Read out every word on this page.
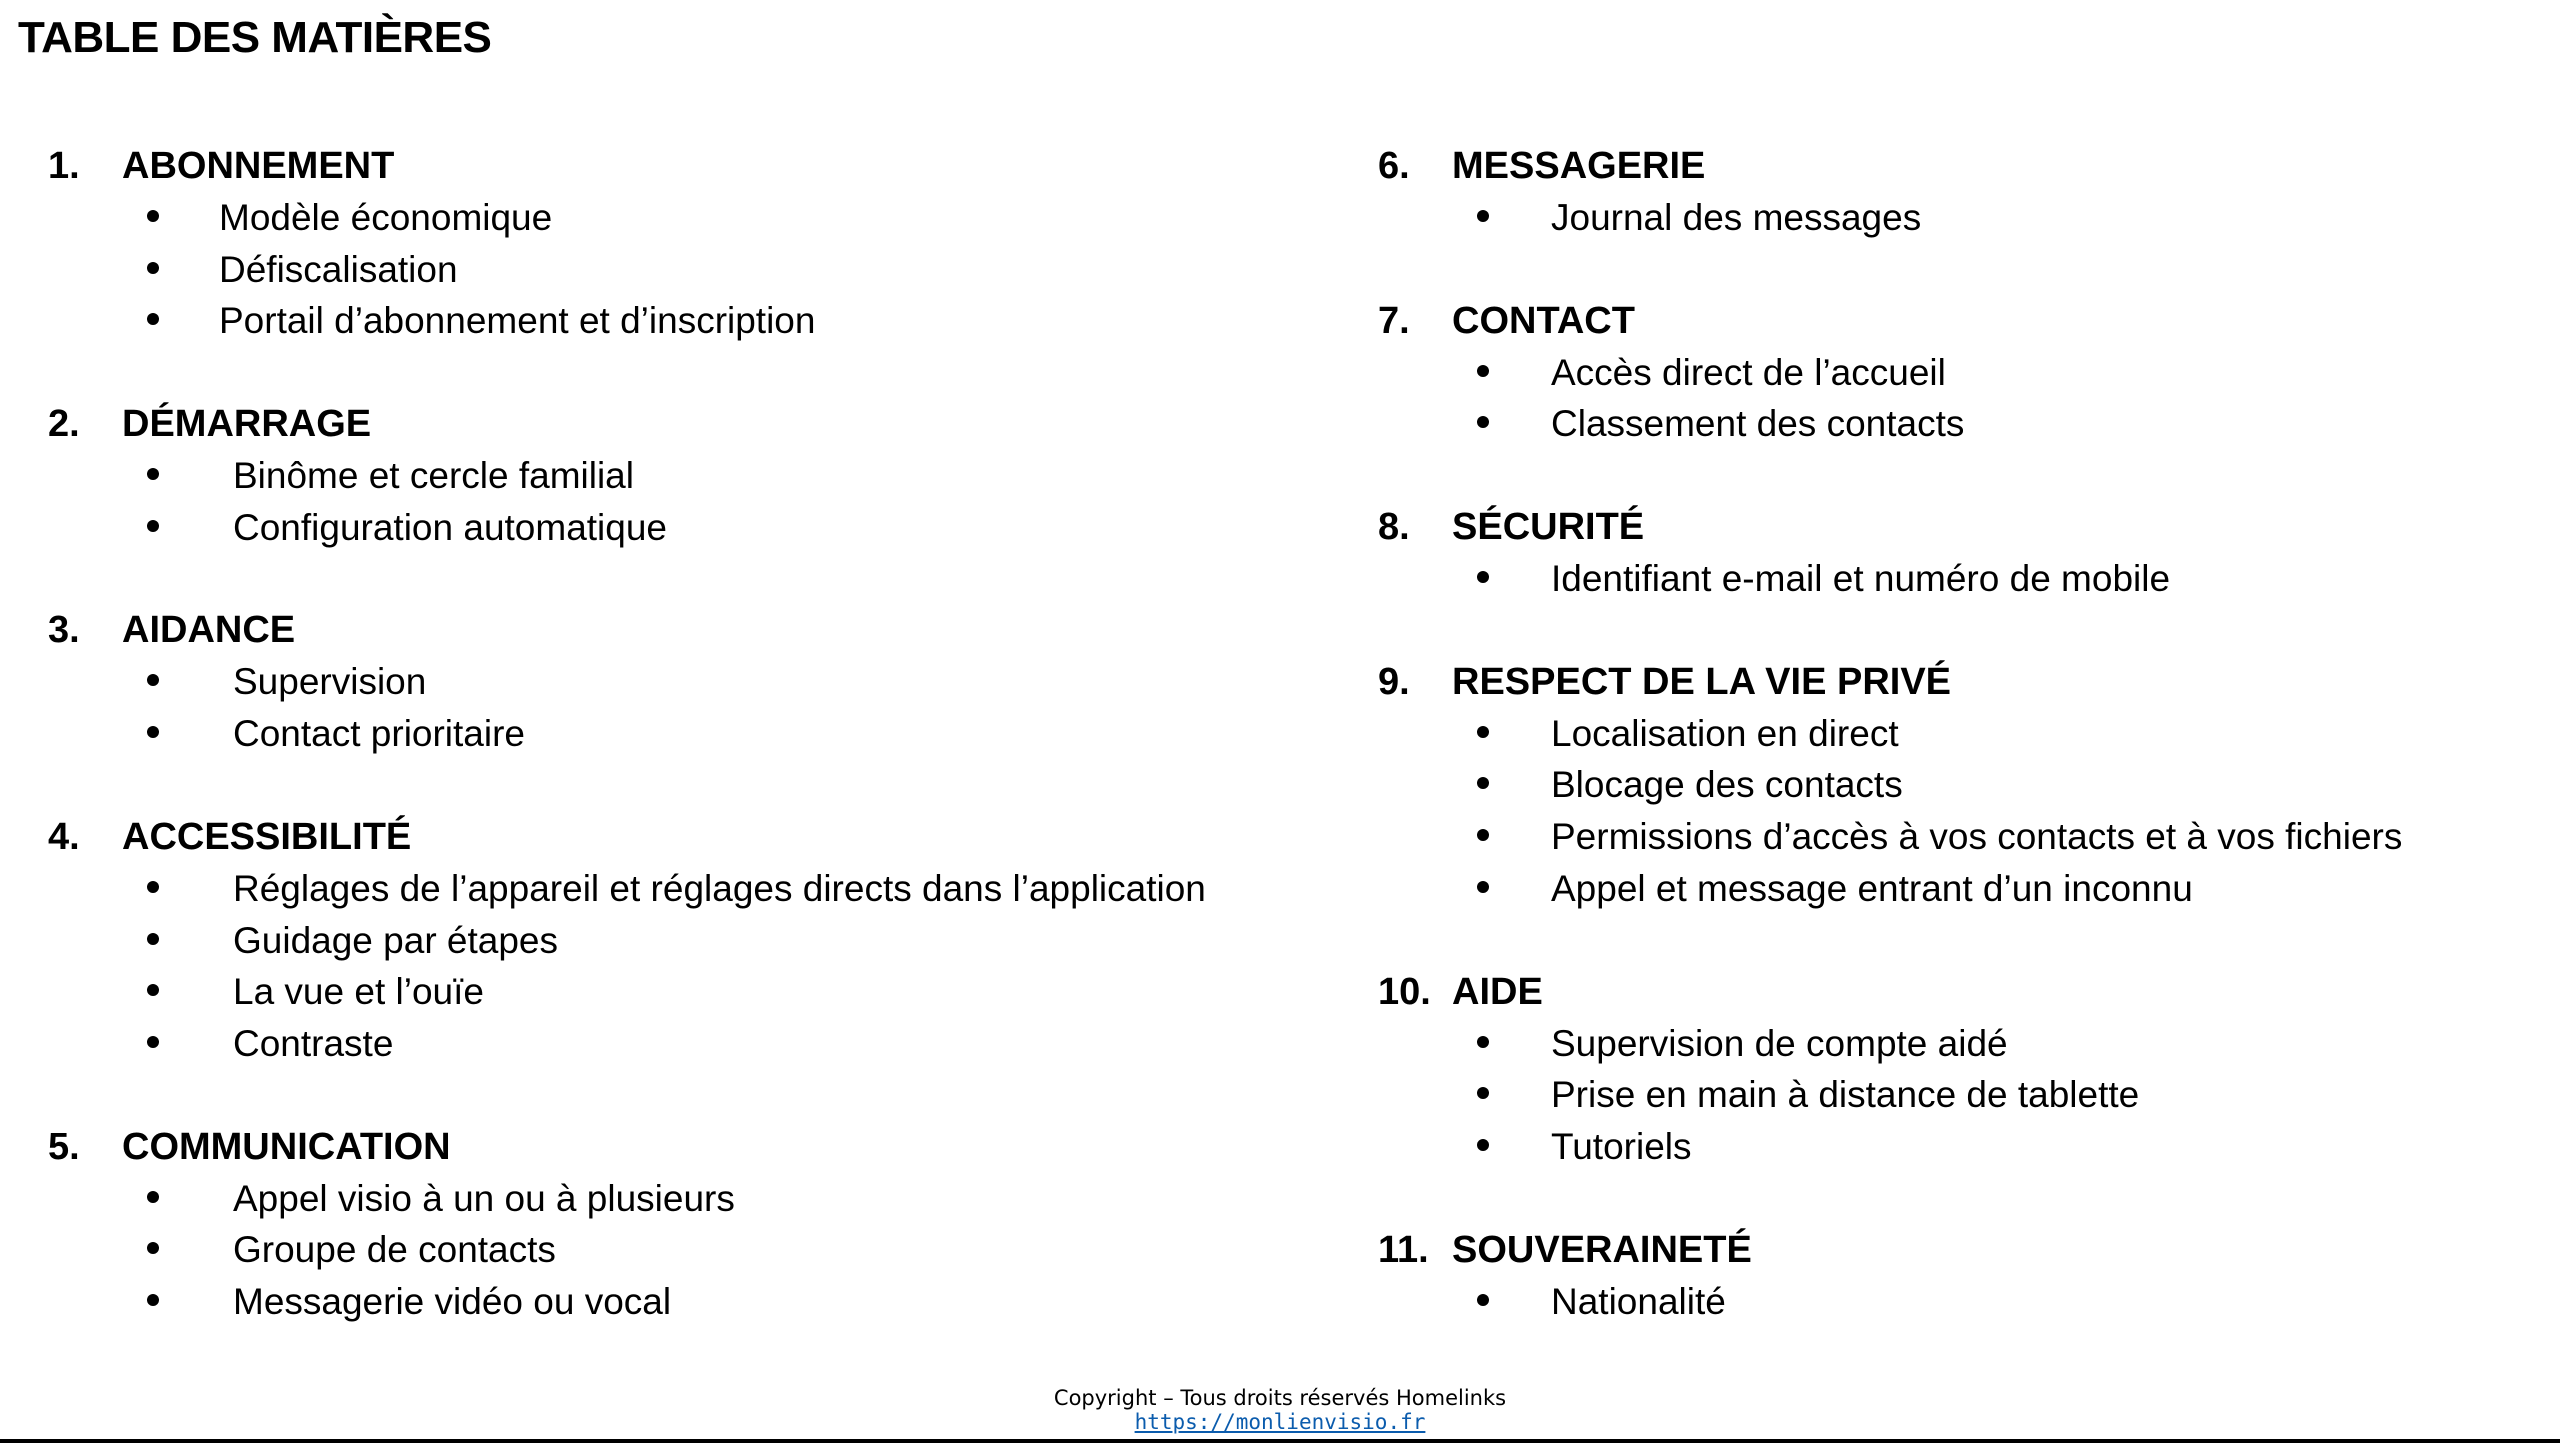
TABLE DES MATIÈRES
1.	ABONNEMENT
Modèle économique
Défiscalisation
Portail d’abonnement et d’inscription
2.	DÉMARRAGE
Binôme et cercle familial
Configuration automatique
3.	AIDANCE
Supervision
Contact prioritaire
4.	ACCESSIBILITÉ
Réglages de l’appareil et réglages directs dans l’application
Guidage par étapes
La vue et l’ouïe
Contraste
5.	COMMUNICATION
Appel visio à un ou à plusieurs
Groupe de contacts
Messagerie vidéo ou vocal
6.	MESSAGERIE
Journal des messages
7.	CONTACT
Accès direct de l’accueil
Classement des contacts
8.	SÉCURITÉ
Identifiant e-mail et numéro de mobile
9.	RESPECT DE LA VIE PRIVÉ
Localisation en direct
Blocage des contacts
Permissions d’accès à vos contacts et à vos fichiers
Appel et message entrant d’un inconnu
10. AIDE
Supervision de compte aidé
Prise en main à distance de tablette
Tutoriels
11. SOUVERAINETÉ
Nationalité
Copyright – Tous droits réservés Homelinks
https://monlienvisio.fr
